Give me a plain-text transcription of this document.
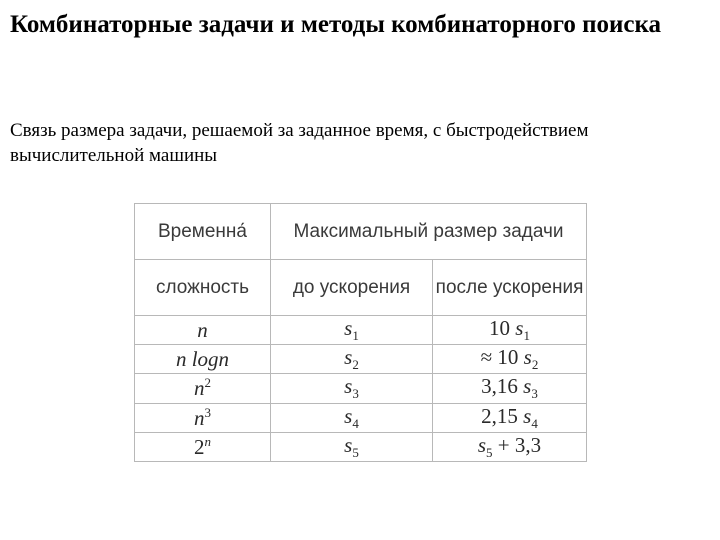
Комбинаторные задачи и методы комбинаторного поиска

Связь размера задачи, решаемой за заданное время, с быстродействием вычислительной машины

Временна́	Максимальный размер задачи	
сложность	до ускорения	после ускорения
n	$s_1$	10 $s_1$
n logn	$s_2$	≈ 10 $s_2$
$n^2$	$s_3$	3,16 $s_3$
$n^3$	$s_4$	2,15 $s_4$
2$^n$	$s_5$	$s_5 + 3,3$
